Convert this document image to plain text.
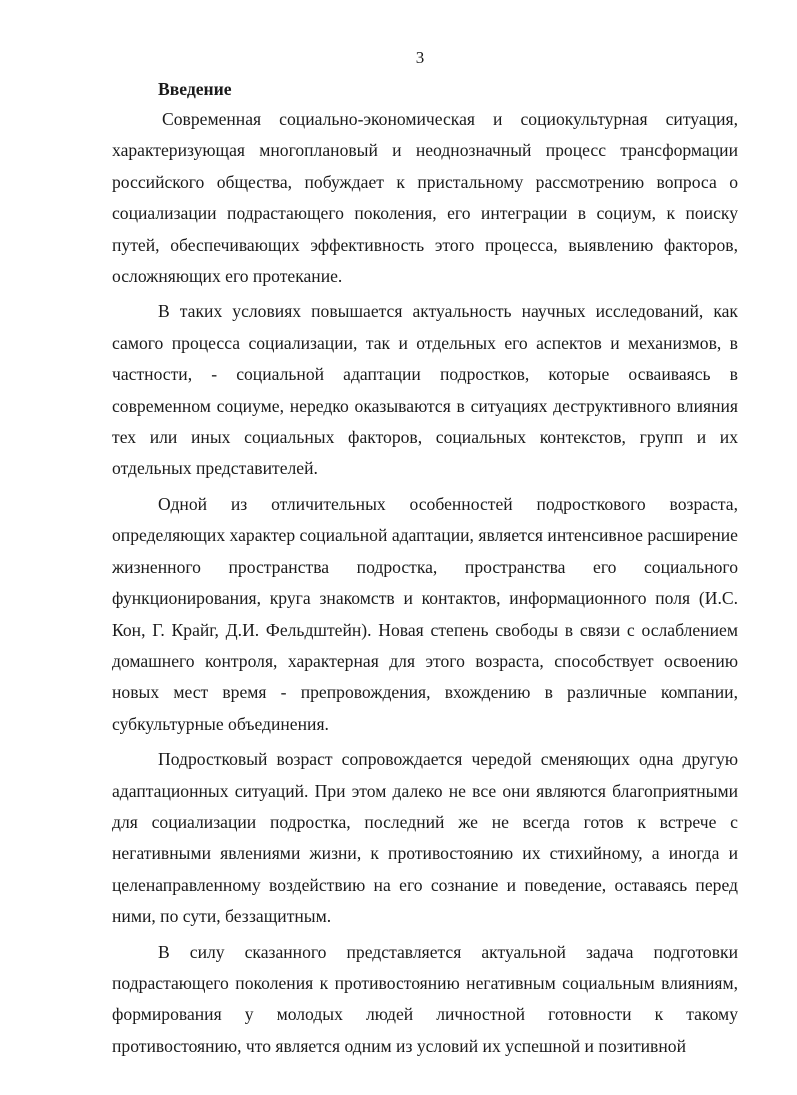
3

Введение

Современная социально-экономическая и социокультурная ситуация, характеризующая многоплановый и неоднозначный процесс трансформации российского общества, побуждает к пристальному рассмотрению вопроса о социализации подрастающего поколения, его интеграции в социум, к поиску путей, обеспечивающих эффективность этого процесса, выявлению факторов, осложняющих его протекание.

В таких условиях повышается актуальность научных исследований, как самого процесса социализации, так и отдельных его аспектов и механизмов, в частности, - социальной адаптации подростков, которые осваиваясь в современном социуме, нередко оказываются в ситуациях деструктивного влияния тех или иных социальных факторов, социальных контекстов, групп и их отдельных представителей.

Одной из отличительных особенностей подросткового возраста, определяющих характер социальной адаптации, является интенсивное расширение жизненного пространства подростка, пространства его социального функционирования, круга знакомств и контактов, информационного поля (И.С. Кон, Г. Крайг, Д.И. Фельдштейн). Новая степень свободы в связи с ослаблением домашнего контроля, характерная для этого возраста, способствует освоению новых мест время - препровождения, вхождению в различные компании, субкультурные объединения.

Подростковый возраст сопровождается чередой сменяющих одна другую адаптационных ситуаций. При этом далеко не все они являются благоприятными для социализации подростка, последний же не всегда готов к встрече с негативными явлениями жизни, к противостоянию их стихийному, а иногда и целенаправленному воздействию на его сознание и поведение, оставаясь перед ними, по сути, беззащитным.

В силу сказанного представляется актуальной задача подготовки подрастающего поколения к противостоянию негативным социальным влияниям, формирования у молодых людей личностной готовности к такому противостоянию, что является одним из условий их успешной и позитивной
